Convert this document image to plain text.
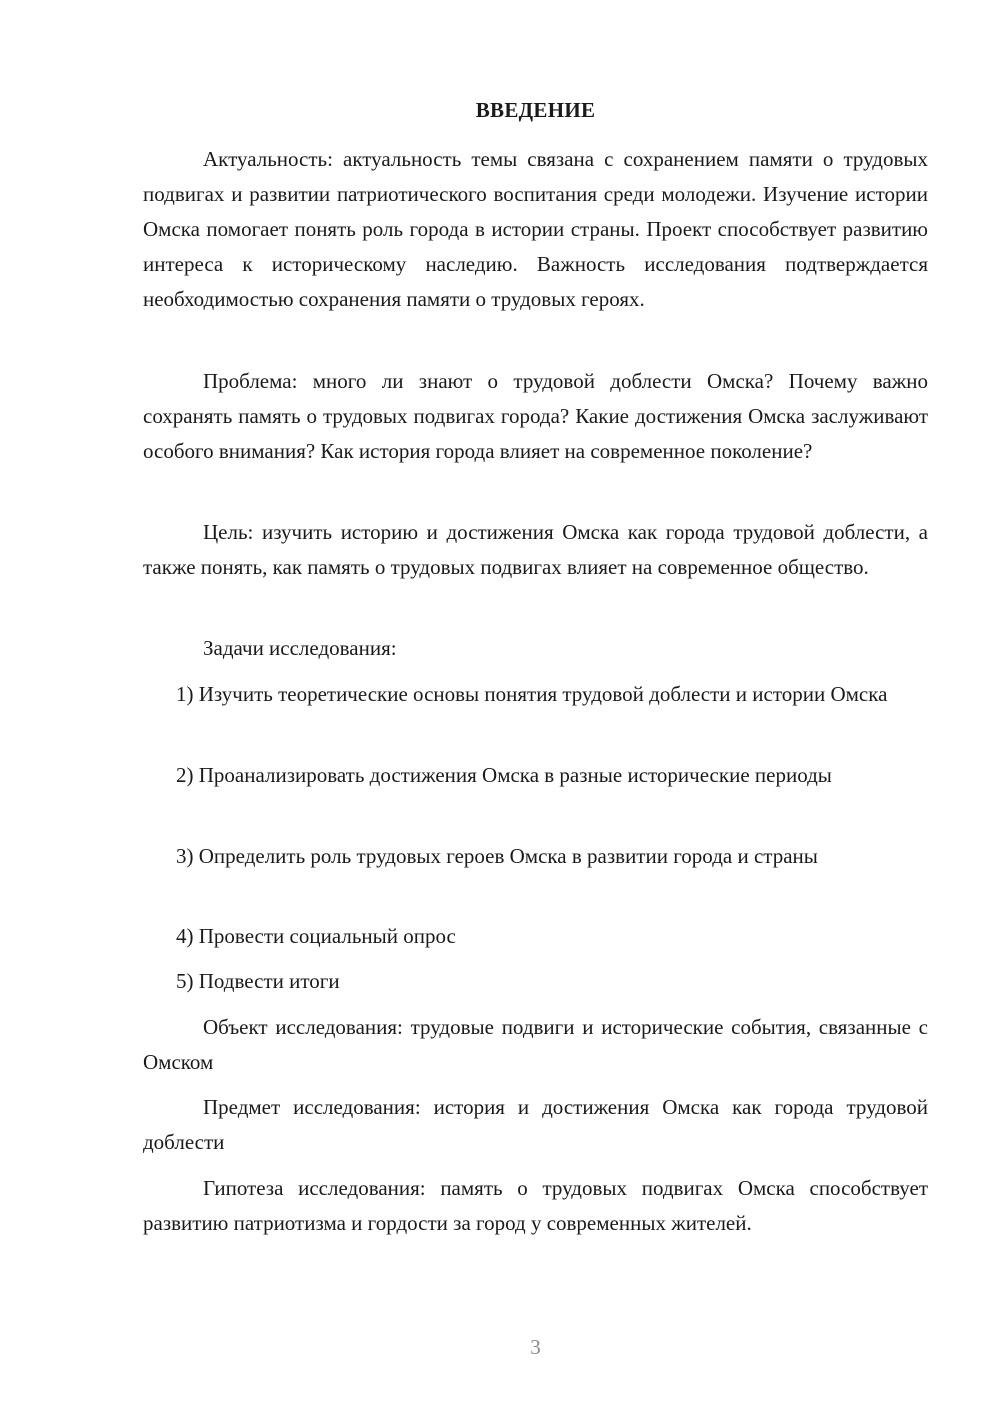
ВВЕДЕНИЕ

Актуальность: актуальность темы связана с сохранением памяти о трудовых подвигах и развитии патриотического воспитания среди молодежи. Изучение истории Омска помогает понять роль города в истории страны. Проект способствует развитию интереса к историческому наследию. Важность исследования подтверждается необходимостью сохранения памяти о трудовых героях.

Проблема: много ли знают о трудовой доблести Омска? Почему важно сохранять память о трудовых подвигах города? Какие достижения Омска заслуживают особого внимания? Как история города влияет на современное поколение?

Цель: изучить историю и достижения Омска как города трудовой доблести, а также понять, как память о трудовых подвигах влияет на современное общество.

Задачи исследования:

1) Изучить теоретические основы понятия трудовой доблести и истории Омска

2) Проанализировать достижения Омска в разные исторические периоды

3) Определить роль трудовых героев Омска в развитии города и страны

4) Провести социальный опрос

5) Подвести итоги

Объект исследования: трудовые подвиги и исторические события, связанные с Омском

Предмет исследования: история и достижения Омска как города трудовой доблести

Гипотеза исследования: память о трудовых подвигах Омска способствует развитию патриотизма и гордости за город у современных жителей.

3
